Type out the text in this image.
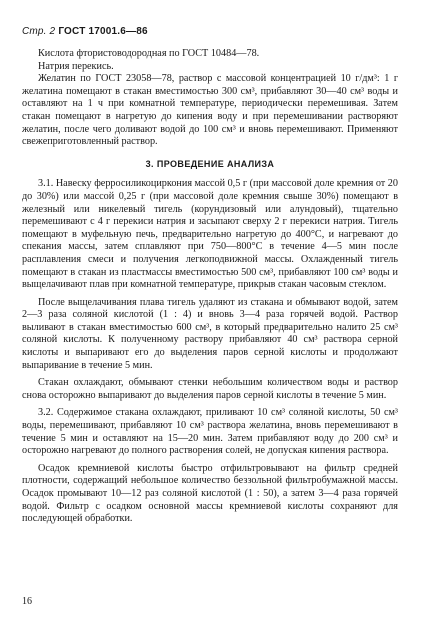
Стр. 2 ГОСТ 17001.6—86

Кислота фтористоводородная по ГОСТ 10484—78.

Натрия перекись.

Желатин по ГОСТ 23058—78, раствор с массовой концентрацией 10 г/дм³: 1 г желатина помещают в стакан вместимостью 300 см³, прибавляют 30—40 см³ воды и оставляют на 1 ч при комнатной температуре, периодически перемешивая. Затем стакан помещают в нагретую до кипения воду и при перемешивании растворяют желатин, после чего доливают водой до 100 см³ и вновь перемешивают. Применяют свежеприготовленный раствор.

3. ПРОВЕДЕНИЕ АНАЛИЗА

3.1. Навеску ферросиликоциркония массой 0,5 г (при массовой доле кремния от 20 до 30%) или массой 0,25 г (при массовой доле кремния свыше 30%) помещают в железный или никелевый тигель (корундизовый или алундовый), тщательно перемешивают с 4 г перекиси натрия и засыпают сверху 2 г перекиси натрия. Тигель помещают в муфельную печь, предварительно нагретую до 400°С, и нагревают до спекания массы, затем сплавляют при 750—800°С в течение 4—5 мин после расплавления смеси и получения легкоподвижной массы. Охлажденный тигель помещают в стакан из пластмассы вместимостью 500 см³, прибавляют 100 см³ воды и выщелачивают плав при комнатной температуре, прикрыв стакан часовым стеклом.

После выщелачивания плава тигель удаляют из стакана и обмывают водой, затем 2—3 раза соляной кислотой (1 : 4) и вновь 3—4 раза горячей водой. Раствор выливают в стакан вместимостью 600 см³, в который предварительно налито 25 см³ соляной кислоты. К полученному раствору прибавляют 40 см³ раствора серной кислоты и выпаривают его до выделения паров серной кислоты и продолжают выпаривание в течение 5 мин.

Стакан охлаждают, обмывают стенки небольшим количеством воды и раствор снова осторожно выпаривают до выделения паров серной кислоты в течение 5 мин.

3.2. Содержимое стакана охлаждают, приливают 10 см³ соляной кислоты, 50 см³ воды, перемешивают, прибавляют 10 см³ раствора желатина, вновь перемешивают в течение 5 мин и оставляют на 15—20 мин. Затем прибавляют воду до 200 см³ и осторожно нагревают до полного растворения солей, не допуская кипения раствора.

Осадок кремниевой кислоты быстро отфильтровывают на фильтр средней плотности, содержащий небольшое количество беззольной фильтробумажной массы. Осадок промывают 10—12 раз соляной кислотой (1 : 50), а затем 3—4 раза горячей водой. Фильтр с осадком основной массы кремниевой кислоты сохраняют для последующей обработки.

16
